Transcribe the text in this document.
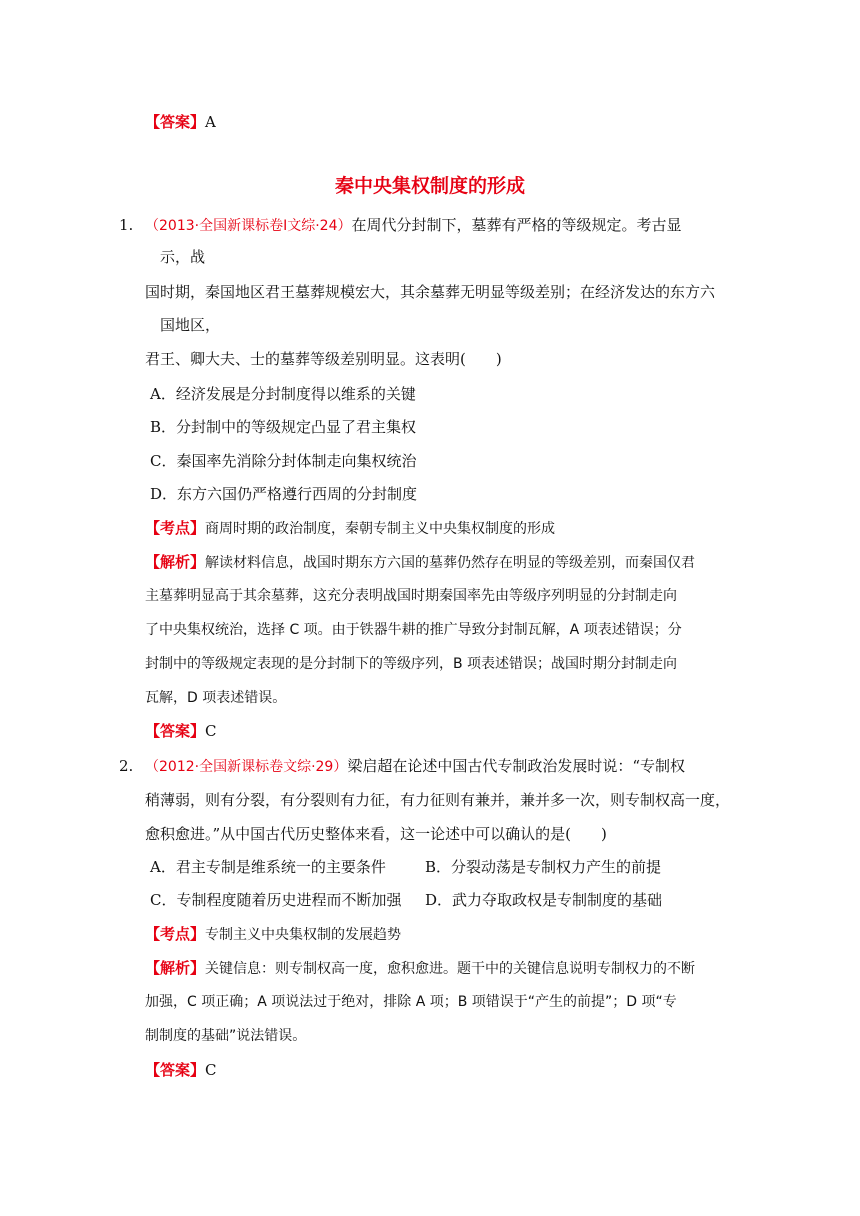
【答案】A
秦中央集权制度的形成
1. （2013·全国新课标卷Ⅰ文综·24）在周代分封制下，墓葬有严格的等级规定。考古显
示，战
国时期，秦国地区君王墓葬规模宏大，其余墓葬无明显等级差别；在经济发达的东方六
国地区，
君王、卿大夫、士的墓葬等级差别明显。这表明(　　)
A．经济发展是分封制度得以维系的关键
B．分封制中的等级规定凸显了君主集权
C．秦国率先消除分封体制走向集权统治
D．东方六国仍严格遵行西周的分封制度
【考点】商周时期的政治制度，秦朝专制主义中央集权制度的形成
【解析】解读材料信息，战国时期东方六国的墓葬仍然存在明显的等级差别，而秦国仅君
主墓葬明显高于其余墓葬，这充分表明战国时期秦国率先由等级序列明显的分封制走向
了中央集权统治，选择 C 项。由于铁器牛耕的推广导致分封制瓦解，A 项表述错误；分
封制中的等级规定表现的是分封制下的等级序列，B 项表述错误；战国时期分封制走向
瓦解，D 项表述错误。
【答案】C
2. （2012·全国新课标卷文综·29）梁启超在论述中国古代专制政治发展时说：“专制权
稍薄弱，则有分裂，有分裂则有力征，有力征则有兼并，兼并多一次，则专制权高一度，
愈积愈进。”从中国古代历史整体来看，这一论述中可以确认的是(　　)
A．君主专制是维系统一的主要条件	B．分裂动荡是专制权力产生的前提
C．专制程度随着历史进程而不断加强 D．武力夺取政权是专制制度的基础
【考点】专制主义中央集权制的发展趋势
【解析】关键信息：则专制权高一度，愈积愈进。题干中的关键信息说明专制权力的不断
加强，C 项正确；A 项说法过于绝对，排除 A 项；B 项错误于“产生的前提”；D 项“专
制制度的基础”说法错误。
【答案】C
